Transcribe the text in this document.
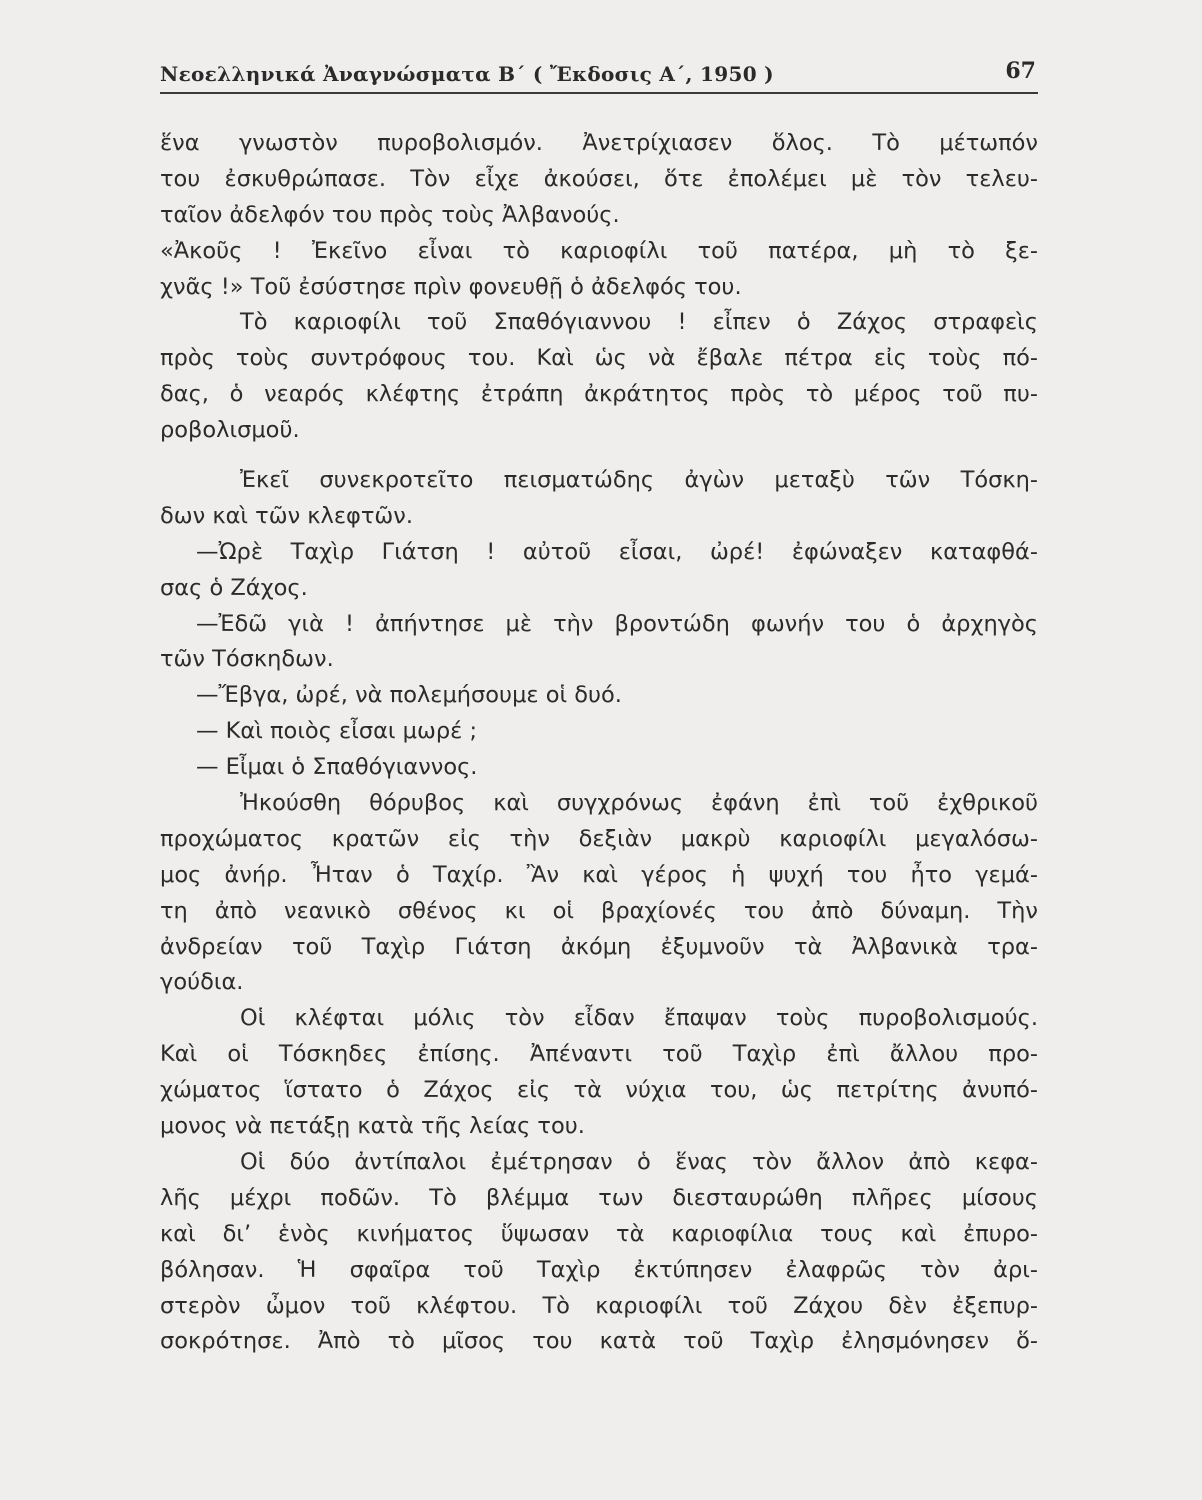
Νεοελληνικά Ἀναγνώσματα Β΄ ( Ἔκδοσις Α΄, 1950 )	67
ἕνα γνωστὸν πυροβολισμόν. Ἀνετρίχιασεν ὅλος. Τὸ μέτωπόν
του ἐσκυθρώπασε. Τὸν εἶχε ἀκούσει, ὅτε ἐπολέμει μὲ τὸν τελευ-
ταῖον ἀδελφόν του πρὸς τοὺς Ἀλβανούς.
«Ἀκοῦς ! Ἐκεῖνο εἶναι τὸ καριοφίλι τοῦ πατέρα, μὴ τὸ ξε-
χνᾶς !» Τοῦ ἐσύστησε πρὶν φονευθῇ ὁ ἀδελφός του.
Τὸ καριοφίλι τοῦ Σπαθόγιαννου ! εἶπεν ὁ Ζάχος στραφεὶς
πρὸς τοὺς συντρόφους του. Καὶ ὡς νὰ ἔβαλε πέτρα εἰς τοὺς πό-
δας, ὁ νεαρός κλέφτης ἐτράπη ἀκράτητος πρὸς τὸ μέρος τοῦ πυ-
ροβολισμοῦ.
Ἐκεῖ συνεκροτεῖτο πεισματώδης ἀγὼν μεταξὺ τῶν Τόσκη-
δων καὶ τῶν κλεφτῶν.
—Ὠρὲ Ταχὶρ Γιάτση ! αὐτοῦ εἶσαι, ὠρέ! ἐφώναξεν καταφθά-
σας ὁ Ζάχος.
—Ἐδῶ γιὰ ! ἀπήντησε μὲ τὴν βροντώδη φωνήν του ὁ ἀρχηγὸς
τῶν Τόσκηδων.
—Ἔβγα, ὠρέ, νὰ πολεμήσουμε οἱ δυό.
— Καὶ ποιὸς εἶσαι μωρέ ;
— Εἶμαι ὁ Σπαθόγιαννος.
Ἠκούσθη θόρυβος καὶ συγχρόνως ἐφάνη ἐπὶ τοῦ ἐχθρικοῦ
προχώματος κρατῶν εἰς τὴν δεξιὰν μακρὺ καριοφίλι μεγαλόσω-
μος ἀνήρ. Ἦταν ὁ Ταχίρ. Ἂν καὶ γέρος ἡ ψυχή του ἦτο γεμά-
τη ἀπὸ νεανικὸ σθένος κι οἱ βραχίονές του ἀπὸ δύναμη. Τὴν
ἀνδρείαν τοῦ Ταχὶρ Γιάτση ἀκόμη ἐξυμνοῦν τὰ Ἀλβανικὰ τρα-
γούδια.
Οἱ κλέφται μόλις τὸν εἶδαν ἔπαψαν τοὺς πυροβολισμούς.
Καὶ οἱ Τόσκηδες ἐπίσης. Ἀπέναντι τοῦ Ταχὶρ ἐπὶ ἄλλου προ-
χώματος ἵστατο ὁ Ζάχος εἰς τὰ νύχια του, ὡς πετρίτης ἀνυπό-
μονος νὰ πετάξῃ κατὰ τῆς λείας του.
Οἱ δύο ἀντίπαλοι ἐμέτρησαν ὁ ἕνας τὸν ἄλλον ἀπὸ κεφα-
λῆς μέχρι ποδῶν. Τὸ βλέμμα των διεσταυρώθη πλῆρες μίσους
καὶ δι’ ἑνὸς κινήματος ὕψωσαν τὰ καριοφίλια τους καὶ ἐπυρο-
βόλησαν. Ἡ σφαῖρα τοῦ Ταχὶρ ἐκτύπησεν ἐλαφρῶς τὸν ἀρι-
στερὸν ὦμον τοῦ κλέφτου. Τὸ καριοφίλι τοῦ Ζάχου δὲν ἐξεπυρ-
σοκρότησε. Ἀπὸ τὸ μῖσος του κατὰ τοῦ Ταχὶρ ἐλησμόνησεν ὅ-
